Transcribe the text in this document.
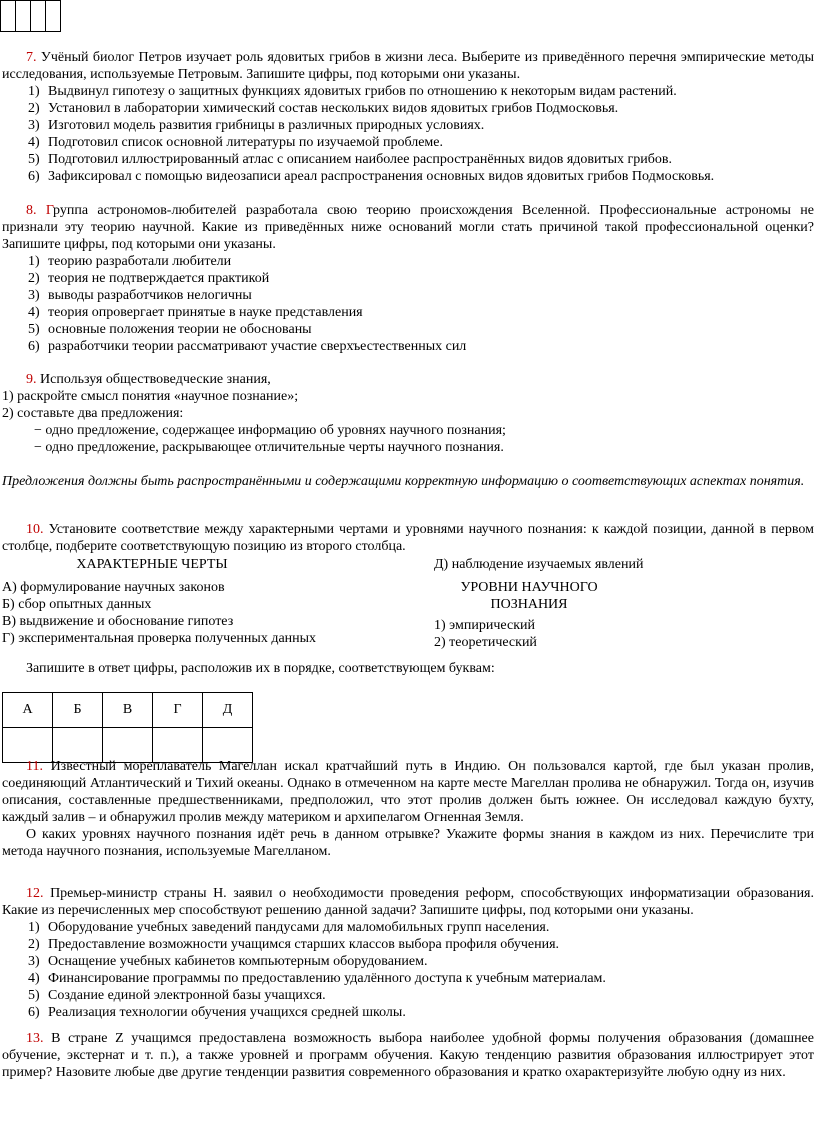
7. Учёный биолог Петров изучает роль ядовитых грибов в жизни леса. Выберите из приведённого перечня эмпирические методы исследования, используемые Петровым. Запишите цифры, под которыми они указаны.

1) Выдвинул гипотезу о защитных функциях ядовитых грибов по отношению к некоторым видам растений.
2) Установил в лаборатории химический состав нескольких видов ядовитых грибов Подмосковья.
3) Изготовил модель развития грибницы в различных природных условиях.
4) Подготовил список основной литературы по изучаемой проблеме.
5) Подготовил иллюстрированный атлас с описанием наиболее распространённых видов ядовитых грибов.
6) Зафиксировал с помощью видеозаписи ареал распространения основных видов ядовитых грибов Подмосковья.

8. Группа астрономов-любителей разработала свою теорию происхождения Вселенной. Профессиональные астрономы не признали эту теорию научной. Какие из приведённых ниже оснований могли стать причиной такой профессиональной оценки? Запишите цифры, под которыми они указаны.

1) теорию разработали любители
2) теория не подтверждается практикой
3) выводы разработчиков нелогичны
4) теория опровергает принятые в науке представления
5) основные положения теории не обоснованы
6) разработчики теории рассматривают участие сверхъестественных сил

9. Используя обществоведческие знания,

1) раскройте смысл понятия «научное познание»;

2) составьте два предложения:

− одно предложение, содержащее информацию об уровнях научного познания;

− одно предложение, раскрывающее отличительные черты научного познания.

Предложения должны быть распространёнными и содержащими корректную информацию о соответствующих аспектах понятия.

10. Установите соответствие между характерными чертами и уровнями научного познания: к каждой позиции, данной в первом столбце, подберите соответствующую позицию из второго столбца.

ХАРАКТЕРНЫЕ ЧЕРТЫ

А) формулирование научных законов

Б) сбор опытных данных

В) выдвижение и обоснование гипотез

Г) экспериментальная проверка полученных данных

Д) наблюдение изучаемых явлений

УРОВНИ НАУЧНОГО

ПОЗНАНИЯ

1) эмпирический

2) теоретический

Запишите в ответ цифры, расположив их в порядке, соответствующем буквам:

А	Б	В	Г	Д

11. Известный мореплаватель Магеллан искал кратчайший путь в Индию. Он пользовался картой, где был указан пролив, соединяющий Атлантический и Тихий океаны. Однако в отмеченном на карте месте Магеллан пролива не обнаружил. Тогда он, изучив описания, составленные предшественниками, предположил, что этот пролив должен быть южнее. Он исследовал каждую бухту, каждый залив – и обнаружил пролив между материком и архипелагом Огненная Земля.

О каких уровнях научного познания идёт речь в данном отрывке? Укажите формы знания в каждом из них. Перечислите три метода научного познания, используемые Магелланом.

12. Премьер-министр страны Н. заявил о необходимости проведения реформ, способствующих информатизации образования. Какие из перечисленных мер способствуют решению данной задачи? Запишите цифры, под которыми они указаны.

1) Оборудование учебных заведений пандусами для маломобильных групп населения.
2) Предоставление возможности учащимся старших классов выбора профиля обучения.
3) Оснащение учебных кабинетов компьютерным оборудованием.
4) Финансирование программы по предоставлению удалённого доступа к учебным материалам.
5) Создание единой электронной базы учащихся.
6) Реализация технологии обучения учащихся средней школы.

13. В стране Z учащимся предоставлена возможность выбора наиболее удобной формы получения образования (домашнее обучение, экстернат и т. п.), а также уровней и программ обучения. Какую тенденцию развития образования иллюстрирует этот пример? Назовите любые две другие тенденции развития современного образования и кратко охарактеризуйте любую одну из них.
